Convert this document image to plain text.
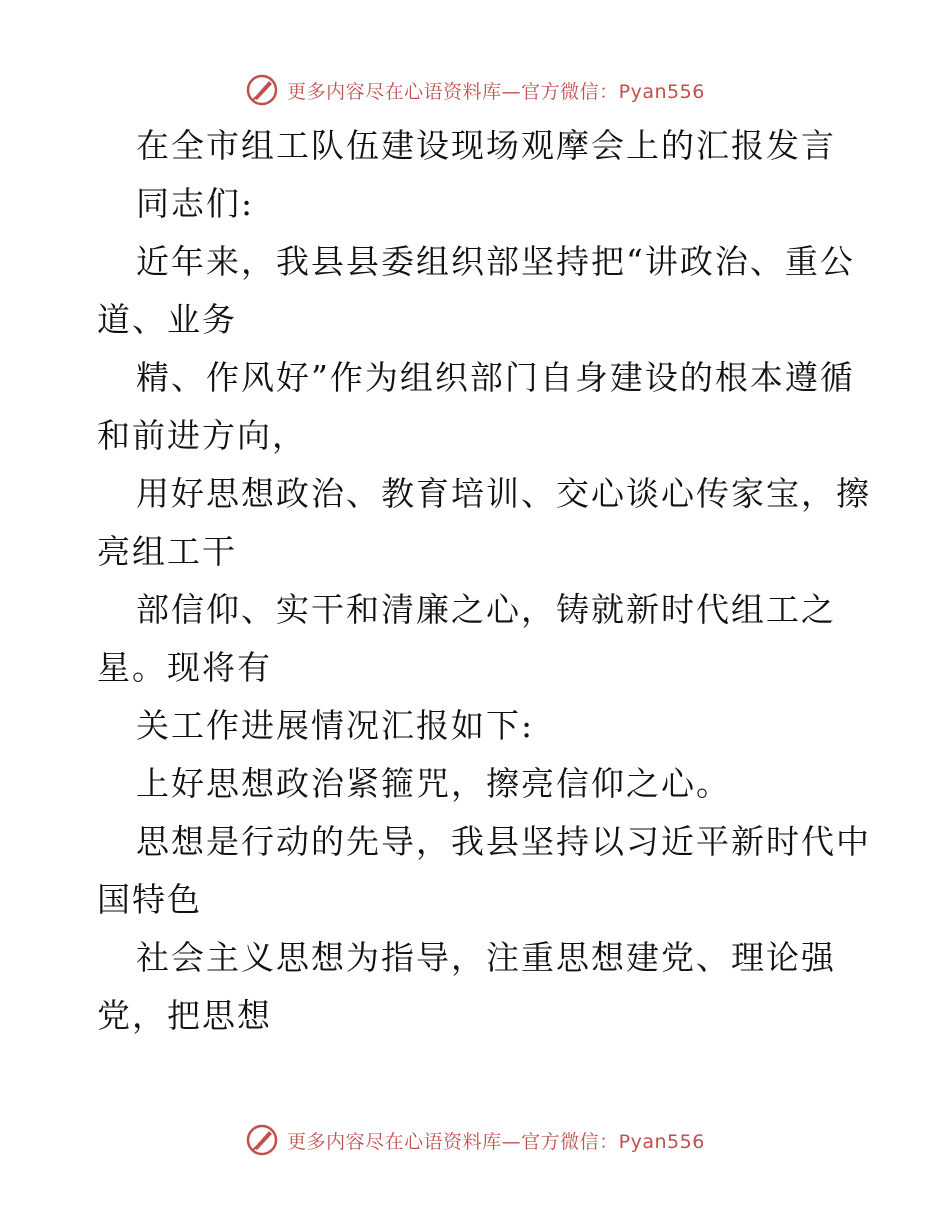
更多内容尽在心语资料库—官方微信：Pyan556
在全市组工队伍建设现场观摩会上的汇报发言
同志们:
近年来，我县县委组织部坚持把“讲政治、重公
道、业务
精、作风好”作为组织部门自身建设的根本遵循
和前进方向，
用好思想政治、教育培训、交心谈心传家宝，擦
亮组工干
部信仰、实干和清廉之心，铸就新时代组工之
星。现将有
关工作进展情况汇报如下:
上好思想政治紧箍咒，擦亮信仰之心。
思想是行动的先导，我县坚持以习近平新时代中
国特色
社会主义思想为指导，注重思想建党、理论强
党，把思想
更多内容尽在心语资料库—官方微信：Pyan556
